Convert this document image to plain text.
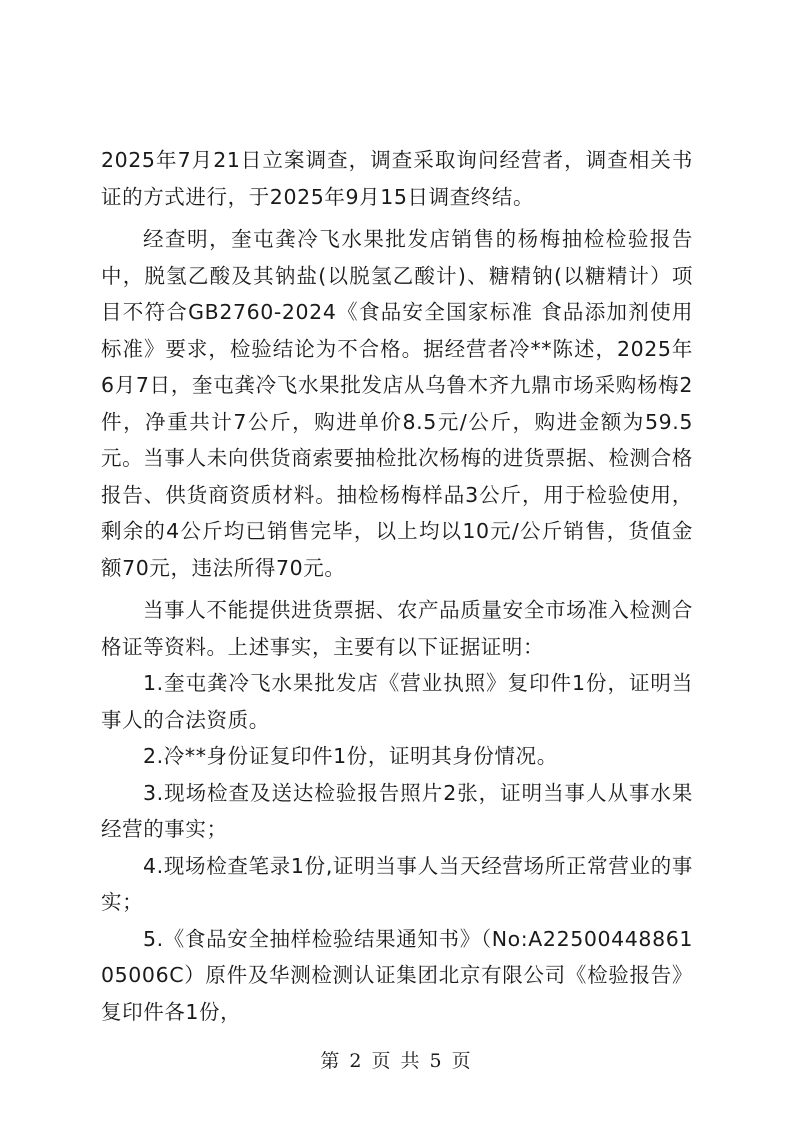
2025年7月21日立案调查，调查采取询问经营者，调查相关书证的方式进行，于2025年9月15日调查终结。

经查明，奎屯龚冷飞水果批发店销售的杨梅抽检检验报告中，脱氢乙酸及其钠盐(以脱氢乙酸计)、糖精钠(以糖精计）项目不符合GB2760-2024《食品安全国家标准 食品添加剂使用标准》要求，检验结论为不合格。据经营者冷**陈述，2025年6月7日，奎屯龚冷飞水果批发店从乌鲁木齐九鼎市场采购杨梅2件，净重共计7公斤，购进单价8.5元/公斤，购进金额为59.5元。当事人未向供货商索要抽检批次杨梅的进货票据、检测合格报告、供货商资质材料。抽检杨梅样品3公斤，用于检验使用，剩余的4公斤均已销售完毕，以上均以10元/公斤销售，货值金额70元，违法所得70元。

当事人不能提供进货票据、农产品质量安全市场准入检测合格证等资料。上述事实，主要有以下证据证明：

1.奎屯龚冷飞水果批发店《营业执照》复印件1份，证明当事人的合法资质。

2.冷**身份证复印件1份，证明其身份情况。

3.现场检查及送达检验报告照片2张，证明当事人从事水果经营的事实；

4.现场检查笔录1份,证明当事人当天经营场所正常营业的事实；

5.《食品安全抽样检验结果通知书》（No:A2250044886105006C）原件及华测检测认证集团北京有限公司《检验报告》复印件各1份，

第 2 页 共 5 页
